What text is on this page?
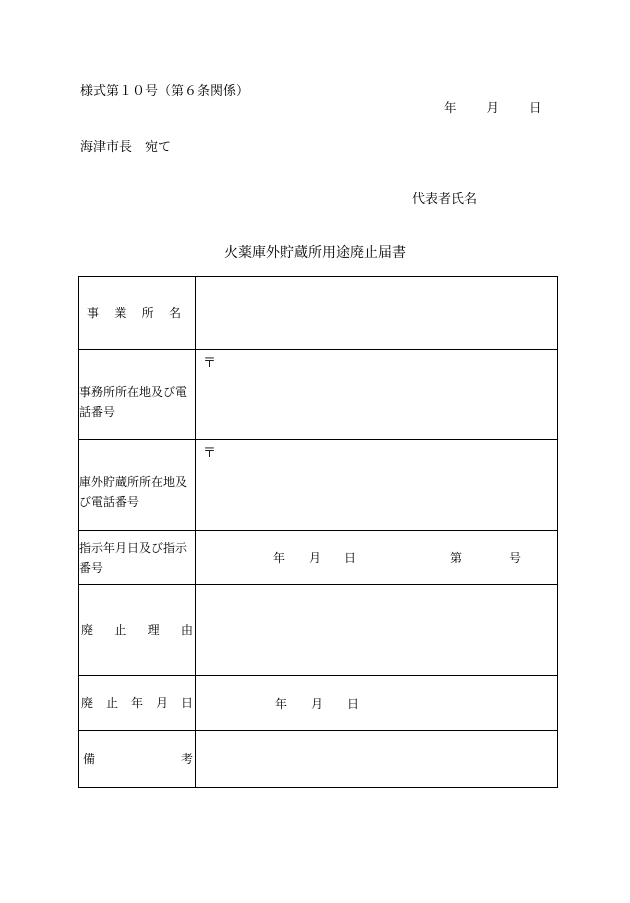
様式第１０号（第６条関係）
年 月 日
海津市長　宛て
代表者氏名
火薬庫外貯蔵所用途廃止届書
事 業 所 名	

事務所所在地及び電話番号	〒

庫外貯蔵所所在地及び電話番号	〒

指示年月日及び指示番号	年 月 日 第 号

廃 止 理 由	

廃 止 年 月 日	年 月 日

備 考	
